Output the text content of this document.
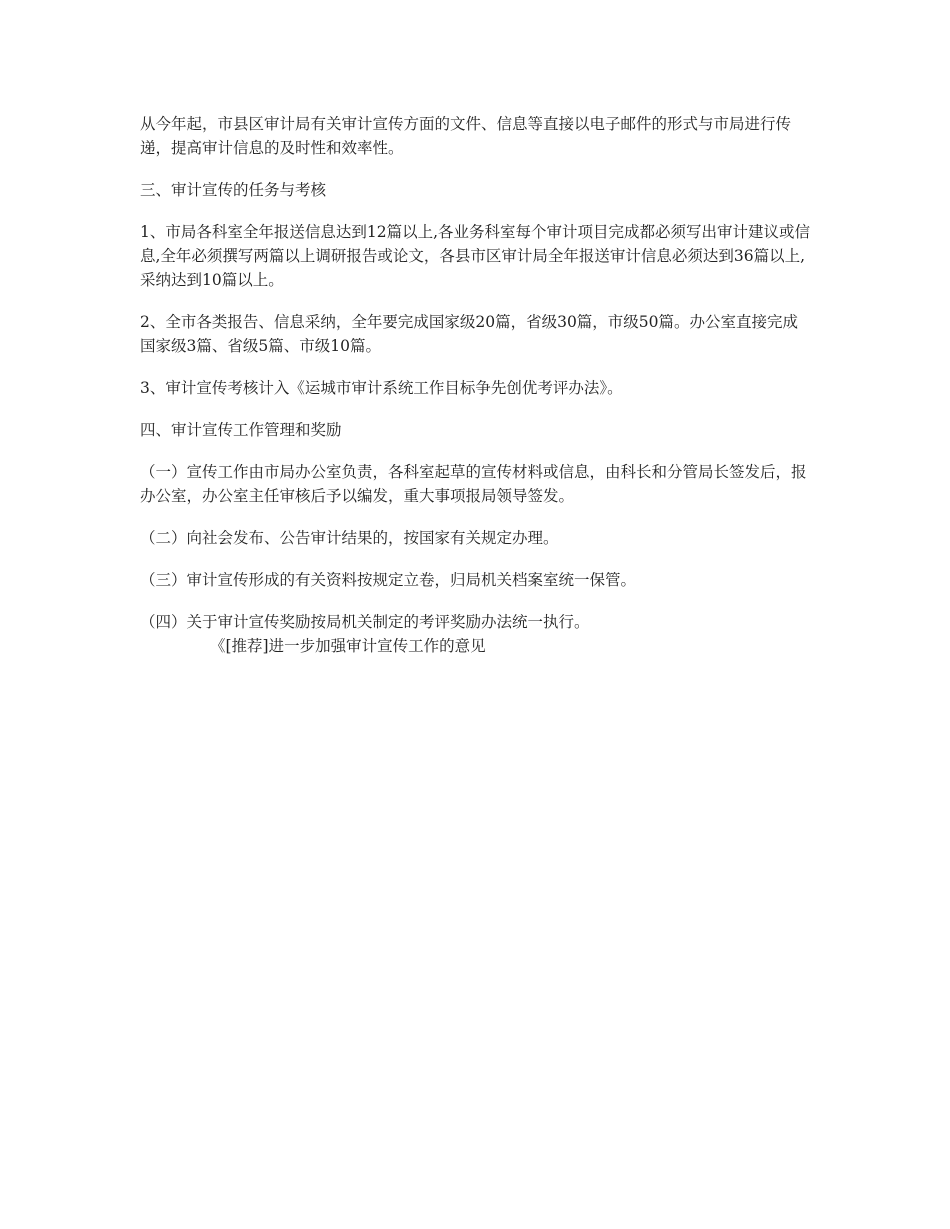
从今年起，市县区审计局有关审计宣传方面的文件、信息等直接以电子邮件的形式与市局进行传递，提高审计信息的及时性和效率性。

三、审计宣传的任务与考核

1、市局各科室全年报送信息达到12篇以上,各业务科室每个审计项目完成都必须写出审计建议或信息,全年必须撰写两篇以上调研报告或论文，各县市区审计局全年报送审计信息必须达到36篇以上,采纳达到10篇以上。

2、全市各类报告、信息采纳，全年要完成国家级20篇，省级30篇，市级50篇。办公室直接完成国家级3篇、省级5篇、市级10篇。

3、审计宣传考核计入《运城市审计系统工作目标争先创优考评办法》。

四、审计宣传工作管理和奖励

（一）宣传工作由市局办公室负责，各科室起草的宣传材料或信息，由科长和分管局长签发后，报办公室，办公室主任审核后予以编发，重大事项报局领导签发。

（二）向社会发布、公告审计结果的，按国家有关规定办理。

（三）审计宣传形成的有关资料按规定立卷，归局机关档案室统一保管。

（四）关于审计宣传奖励按局机关制定的考评奖励办法统一执行。

《[推荐]进一步加强审计宣传工作的意见
